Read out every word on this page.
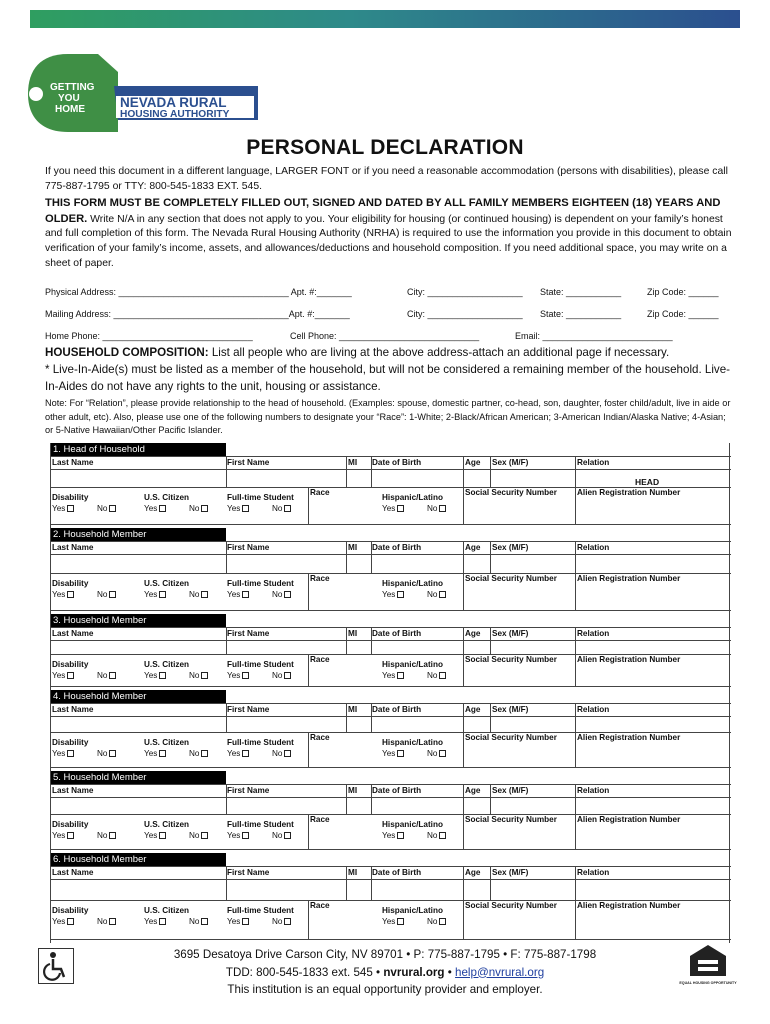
GETTING
YOU
HOME	NEVADA RURAL
HOUSING AUTHORITY
PERSONAL DECLARATION
If you need this document in a different language, LARGER FONT or if you need a reasonable accommodation (persons with disabilities), please call 775-887-1795 or TTY: 800-545-1833 EXT. 545.
THIS FORM MUST BE COMPLETELY FILLED OUT, SIGNED AND DATED BY ALL FAMILY MEMBERS EIGHTEEN (18) YEARS AND OLDER. Write N/A in any section that does not apply to you. Your eligibility for housing (or continued housing) is dependent on your family’s honest and full completion of this form. The Nevada Rural Housing Authority (NRHA) is required to use the information you provide in this document to obtain verification of your family’s income, assets, and allowances/deductions and household composition. If you need additional space, you may write on a sheet of paper.
Physical Address: __________________________________ Apt. #:_______	City: ___________________ State: ___________	Zip Code: ______
Mailing Address: ___________________________________Apt. #:_______	City: ___________________ State: ___________	Zip Code: ______
Home Phone: ______________________________	Cell Phone: ____________________________	Email: __________________________
HOUSEHOLD COMPOSITION: List all people who are living at the above address-attach an additional page if necessary.
* Live-In-Aide(s) must be listed as a member of the household, but will not be considered a remaining member of the household. Live-In-Aides do not have any rights to the unit, housing or assistance.
Note: For “Relation”, please provide relationship to the head of household. (Examples: spouse, domestic partner, co-head, son, daughter, foster child/adult, live in aide or other adult, etc). Also, please use one of the following numbers to designate your “Race”: 1-White; 2-Black/African American; 3-American Indian/Alaska Native; 4-Asian; or 5-Native Hawaiian/Other Pacific Islander.
1. Head of Household
Last Name	First Name	MI Date of Birth	Age Sex (M/F)	Relation
HEAD
Disability
Yes	No
U.S. Citizen
Yes	No
Full-time Student
Yes	No
Race
Hispanic/Latino
Yes	No
Social Security Number Alien Registration Number
2. Household Member
Last Name	First Name	MI Date of Birth	Age Sex (M/F)	Relation
Disability
Yes	No
U.S. Citizen
Yes	No
Full-time Student
Yes	No
Race
Hispanic/Latino
Yes	No
Social Security Number Alien Registration Number
3. Household Member
Last Name	First Name	MI Date of Birth	Age Sex (M/F)	Relation
Disability
Yes	No
U.S. Citizen
Yes	No
Full-time Student
Yes	No
Race
Hispanic/Latino
Yes	No
Social Security Number Alien Registration Number
4. Household Member
Last Name	First Name	MI Date of Birth	Age Sex (M/F)	Relation
Disability
Yes	No
U.S. Citizen
Yes	No
Full-time Student
Yes	No
Race
Hispanic/Latino
Yes	No
Social Security Number Alien Registration Number
5. Household Member
Last Name	First Name	MI Date of Birth	Age Sex (M/F)	Relation
Disability
Yes	No
U.S. Citizen
Yes	No
Full-time Student
Yes	No
Race
Hispanic/Latino
Yes	No
Social Security Number Alien Registration Number
6. Household Member
Last Name	First Name	MI Date of Birth	Age Sex (M/F)	Relation
Disability
Yes	No
U.S. Citizen
Yes	No
Full-time Student
Yes	No
Race
Hispanic/Latino
Yes	No
Social Security Number Alien Registration Number
3695 Desatoya Drive Carson City, NV 89701 • P: 775-887-1795 • F: 775-887-1798
TDD: 800-545-1833 ext. 545 • nvrural.org • help@nvrural.org
This institution is an equal opportunity provider and employer.	EQUAL HOUSING OPPORTUNITY
